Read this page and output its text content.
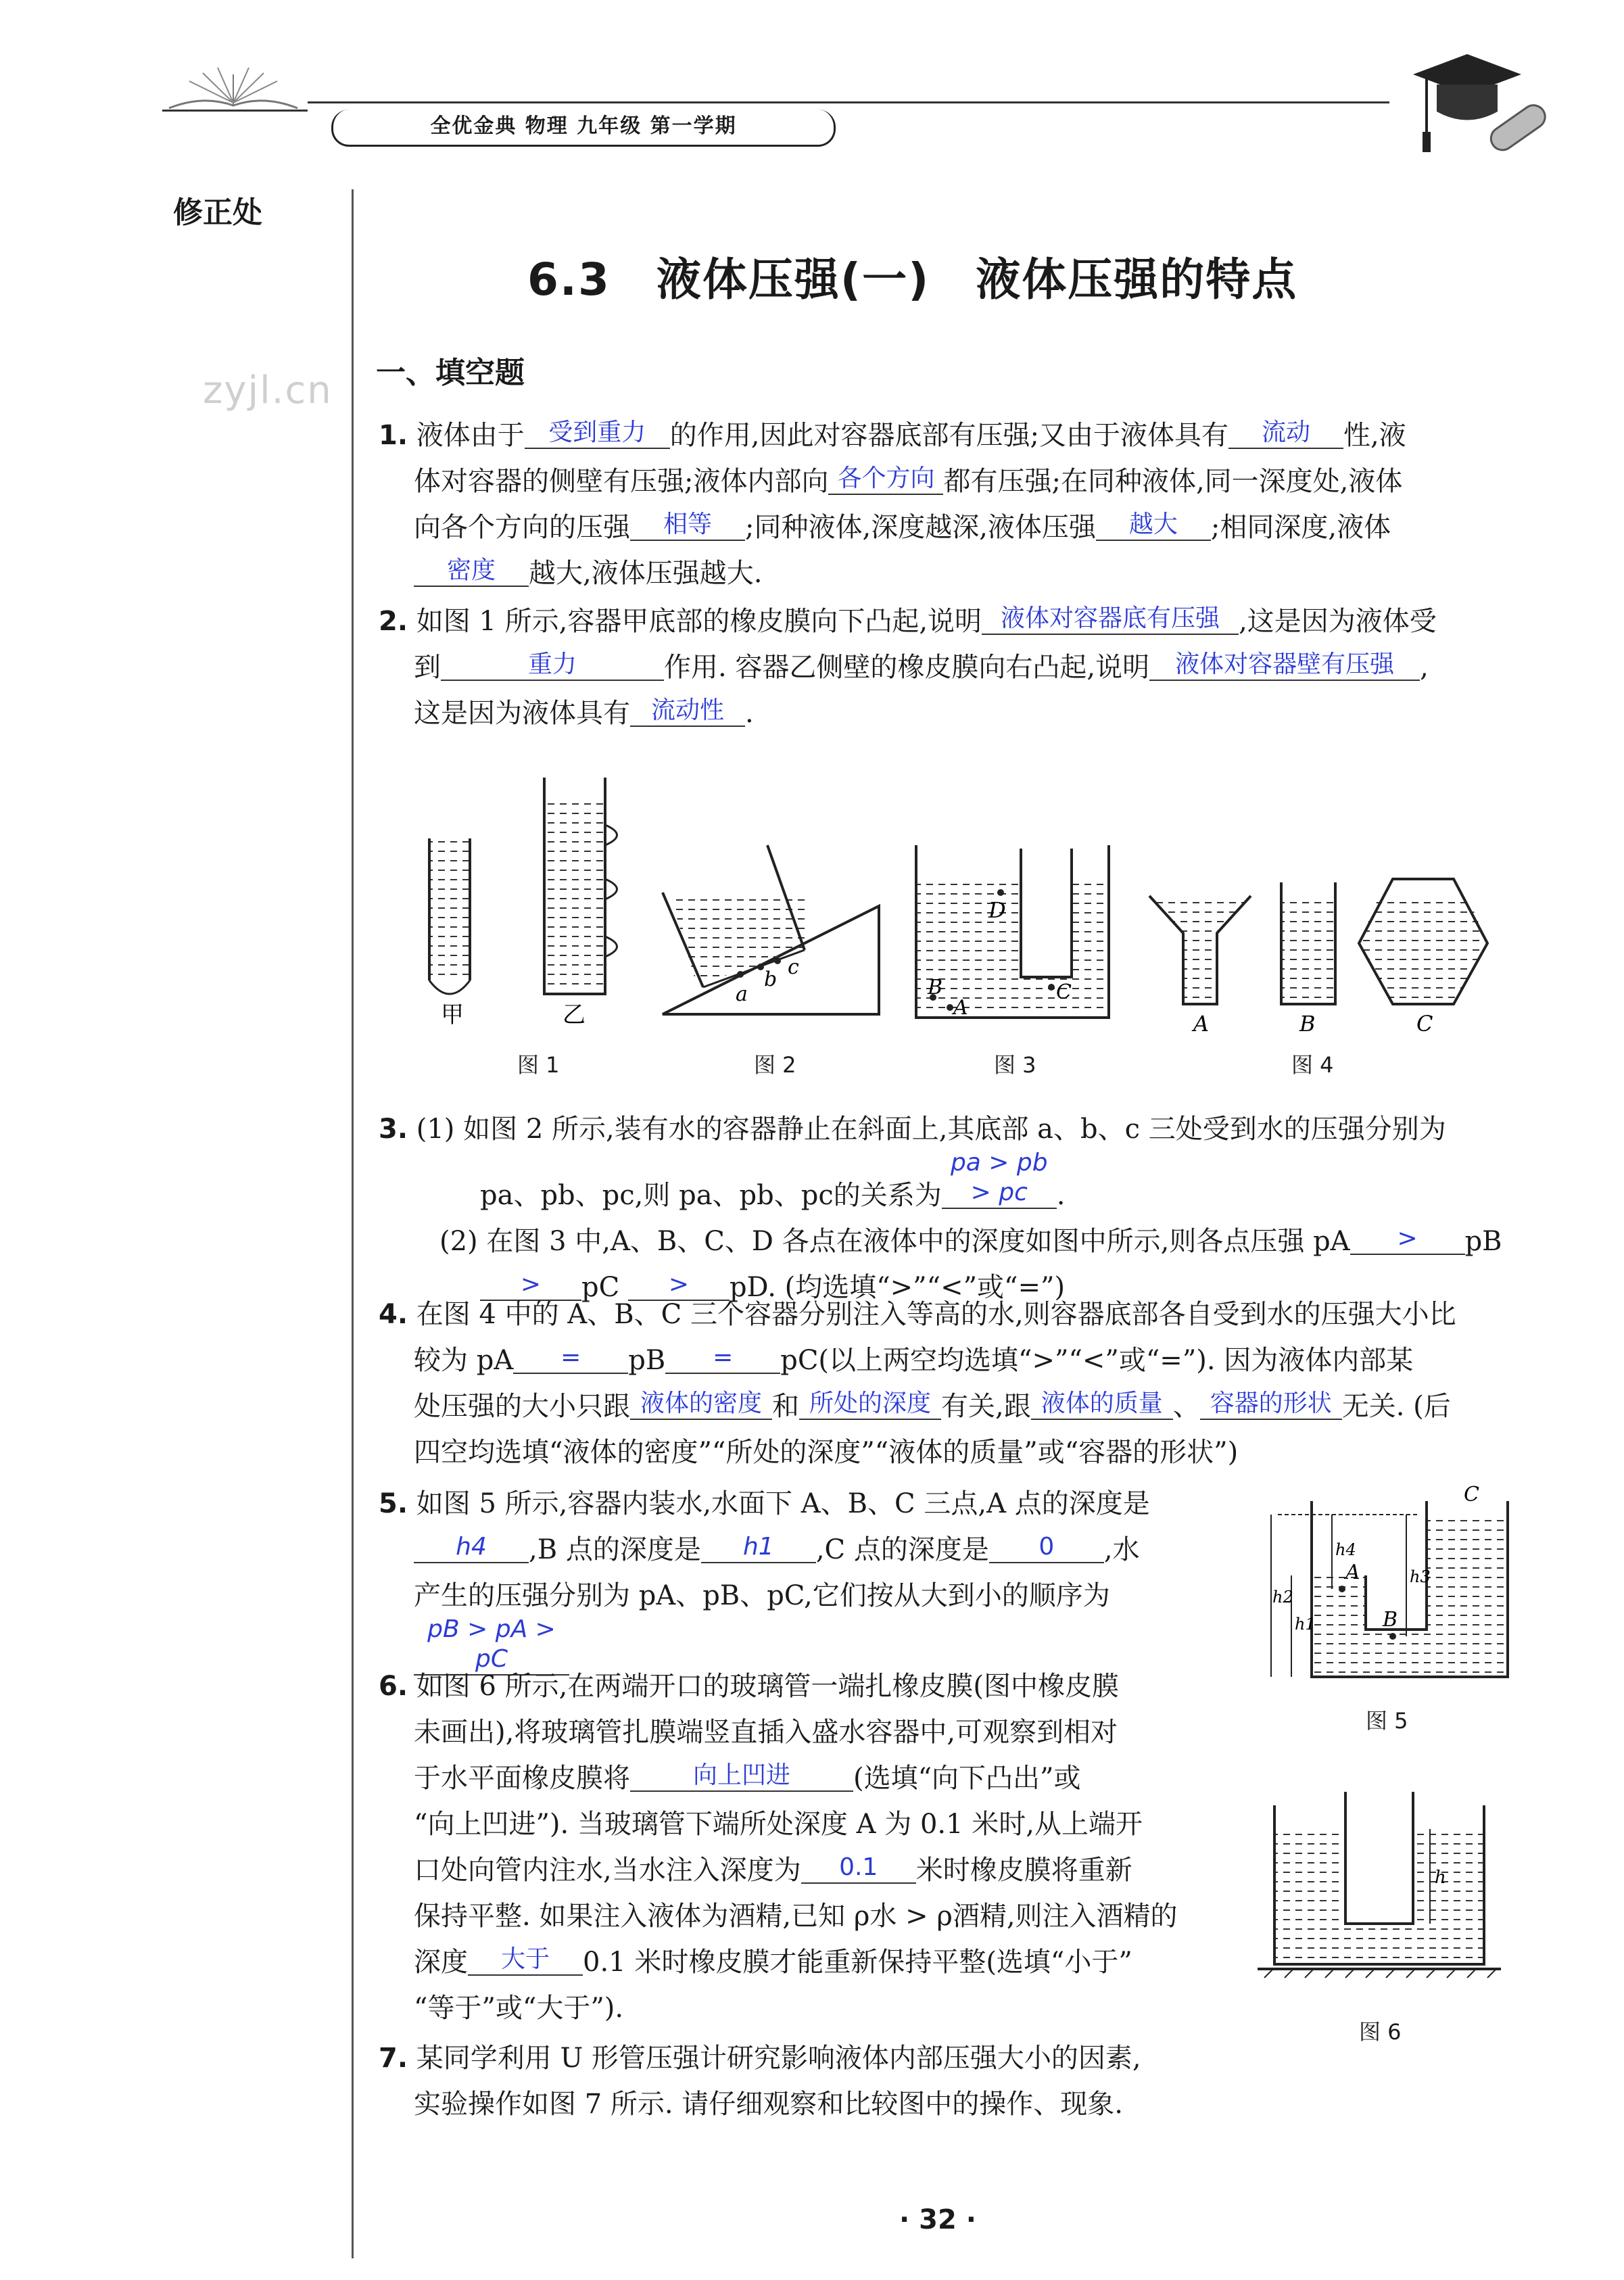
全优金典 物理 九年级 第一学期
修正处
zyjl.cn
6.3　液体压强(一)　液体压强的特点
一、填空题
1. 液体由于 受到重力 的作用,因此对容器底部有压强;又由于液体具有 流动 性,液
体对容器的侧壁有压强;液体内部向 各个方向 都有压强;在同种液体,同一深度处,液体
向各个方向的压强 相等 ;同种液体,深度越深,液体压强 越大 ;相同深度,液体
密度 越大,液体压强越大.
2. 如图 1 所示,容器甲底部的橡皮膜向下凸起,说明 液体对容器底有压强 ,这是因为液体受
到	重力	作用. 容器乙侧壁的橡皮膜向右凸起,说明 液体对容器壁有压强 ,
这是因为液体具有 流动性 .
甲	乙
图 1
a
b
c
图 2
D
B
A
C
图 3
A	B	C
图 4
3. (1) 如图 2 所示,装有水的容器静止在斜面上,其底部 a、b、c 三处受到水的压强分别为
pa、pb、pc,则 pa、pb、pc的关系为pa > pb > pc .
(2) 在图 3 中,A、B、C、D 各点在液体中的深度如图中所示,则各点压强 pA > pB
> pC > pD. (均选填“>”“<”或“=”)
4. 在图 4 中的 A、B、C 三个容器分别注入等高的水,则容器底部各自受到水的压强大小比
较为 pA = pB = pC(以上两空均选填“>”“<”或“=”). 因为液体内部某
处压强的大小只跟 液体的密度 和 所处的深度 有关,跟 液体的质量 、 容器的形状 无关. (后
四空均选填“液体的密度”“所处的深度”“液体的质量”或“容器的形状”)
5. 如图 5 所示,容器内装水,水面下 A、B、C 三点,A 点的深度是
h4 ,B 点的深度是 h1 ,C 点的深度是 0 ,水
产生的压强分别为 pA、pB、pC,它们按从大到小的顺序为
pB > pA > pC
C
h4
A
h2
h3
h1	B
图 5
6. 如图 6 所示,在两端开口的玻璃管一端扎橡皮膜(图中橡皮膜
未画出),将玻璃管扎膜端竖直插入盛水容器中,可观察到相对
于水平面橡皮膜将	向上凹进 (选填“向下凸出”或
“向上凹进”). 当玻璃管下端所处深度 A 为 0.1 米时,从上端开
口处向管内注水,当水注入深度为 0.1 米时橡皮膜将重新
保持平整. 如果注入液体为酒精,已知 ρ水 > ρ酒精,则注入酒精的
深度 大于 0.1 米时橡皮膜才能重新保持平整(选填“小于”
“等于”或“大于”).
h
图 6
7. 某同学利用 U 形管压强计研究影响液体内部压强大小的因素,
实验操作如图 7 所示. 请仔细观察和比较图中的操作、现象.
· 32 ·
